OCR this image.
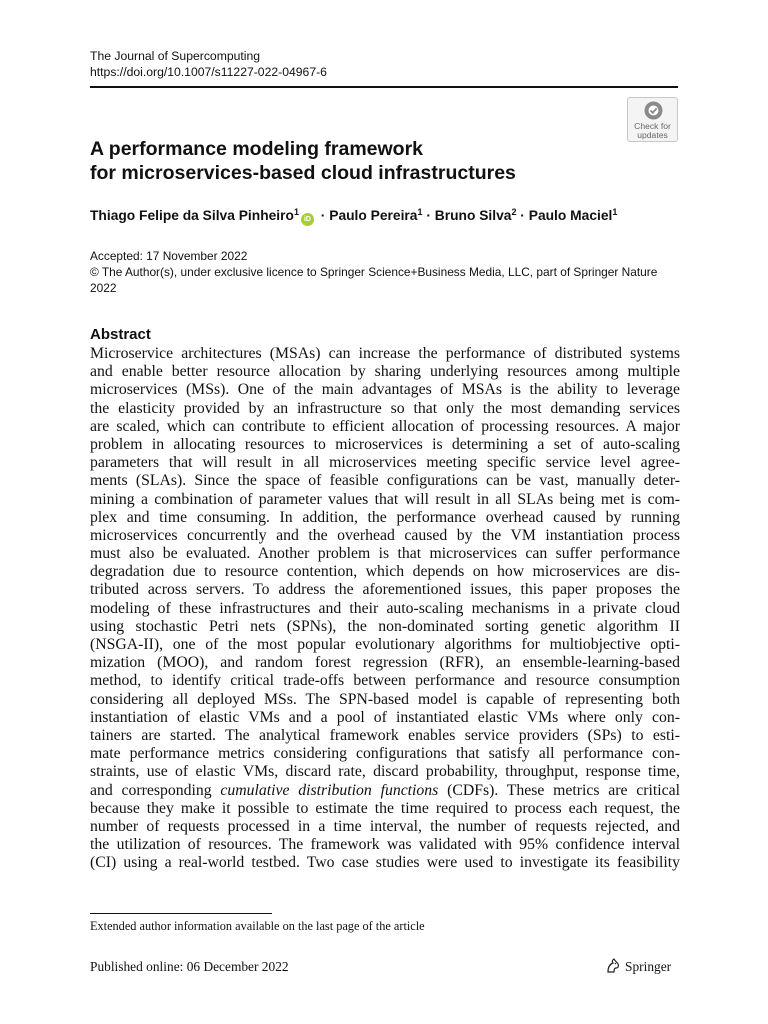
The Journal of Supercomputing
https://doi.org/10.1007/s11227-022-04967-6
Check for
updates
A performance modeling framework
for microservices-based cloud infrastructures
Thiago Felipe da Silva Pinheiro$^1$iD · Paulo Pereira$^1$ · Bruno Silva$^2$ · Paulo Maciel$^1$
Accepted: 17 November 2022
© The Author(s), under exclusive licence to Springer Science+Business Media, LLC, part of Springer Nature
2022
Abstract
Microservice architectures (MSAs) can increase the performance of distributed systems
and enable better resource allocation by sharing underlying resources among multiple
microservices (MSs). One of the main advantages of MSAs is the ability to leverage
the elasticity provided by an infrastructure so that only the most demanding services
are scaled, which can contribute to efficient allocation of processing resources. A major
problem in allocating resources to microservices is determining a set of auto-scaling
parameters that will result in all microservices meeting specific service level agree-
ments (SLAs). Since the space of feasible configurations can be vast, manually deter-
mining a combination of parameter values that will result in all SLAs being met is com-
plex and time consuming. In addition, the performance overhead caused by running
microservices concurrently and the overhead caused by the VM instantiation process
must also be evaluated. Another problem is that microservices can suffer performance
degradation due to resource contention, which depends on how microservices are dis-
tributed across servers. To address the aforementioned issues, this paper proposes the
modeling of these infrastructures and their auto-scaling mechanisms in a private cloud
using stochastic Petri nets (SPNs), the non-dominated sorting genetic algorithm II
(NSGA-II), one of the most popular evolutionary algorithms for multiobjective opti-
mization (MOO), and random forest regression (RFR), an ensemble-learning-based
method, to identify critical trade-offs between performance and resource consumption
considering all deployed MSs. The SPN-based model is capable of representing both
instantiation of elastic VMs and a pool of instantiated elastic VMs where only con-
tainers are started. The analytical framework enables service providers (SPs) to esti-
mate performance metrics considering configurations that satisfy all performance con-
straints, use of elastic VMs, discard rate, discard probability, throughput, response time,
and corresponding cumulative distribution functions (CDFs). These metrics are critical
because they make it possible to estimate the time required to process each request, the
number of requests processed in a time interval, the number of requests rejected, and
the utilization of resources. The framework was validated with 95% confidence interval
(CI) using a real-world testbed. Two case studies were used to investigate its feasibility
Extended author information available on the last page of the article
Published online: 06 December 2022	Springer
